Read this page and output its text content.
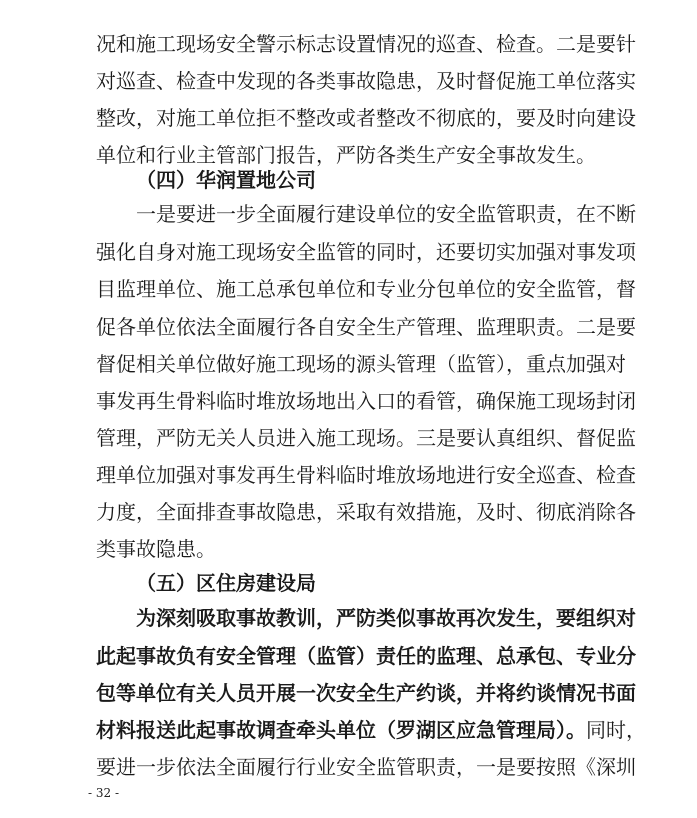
况和施工现场安全警示标志设置情况的巡查、检查。二是要针
对巡查、检查中发现的各类事故隐患，及时督促施工单位落实
整改，对施工单位拒不整改或者整改不彻底的，要及时向建设
单位和行业主管部门报告，严防各类生产安全事故发生。
（四）华润置地公司
一是要进一步全面履行建设单位的安全监管职责，在不断
强化自身对施工现场安全监管的同时，还要切实加强对事发项
目监理单位、施工总承包单位和专业分包单位的安全监管，督
促各单位依法全面履行各自安全生产管理、监理职责。二是要
督促相关单位做好施工现场的源头管理（监管），重点加强对
事发再生骨料临时堆放场地出入口的看管，确保施工现场封闭
管理，严防无关人员进入施工现场。三是要认真组织、督促监
理单位加强对事发再生骨料临时堆放场地进行安全巡查、检查
力度，全面排查事故隐患，采取有效措施，及时、彻底消除各
类事故隐患。
（五）区住房建设局
为深刻吸取事故教训，严防类似事故再次发生，要组织对
此起事故负有安全管理（监管）责任的监理、总承包、专业分
包等单位有关人员开展一次安全生产约谈，并将约谈情况书面
材料报送此起事故调查牵头单位（罗湖区应急管理局）。同时，
要进一步依法全面履行行业安全监管职责，一是要按照《深圳
- 32 -
